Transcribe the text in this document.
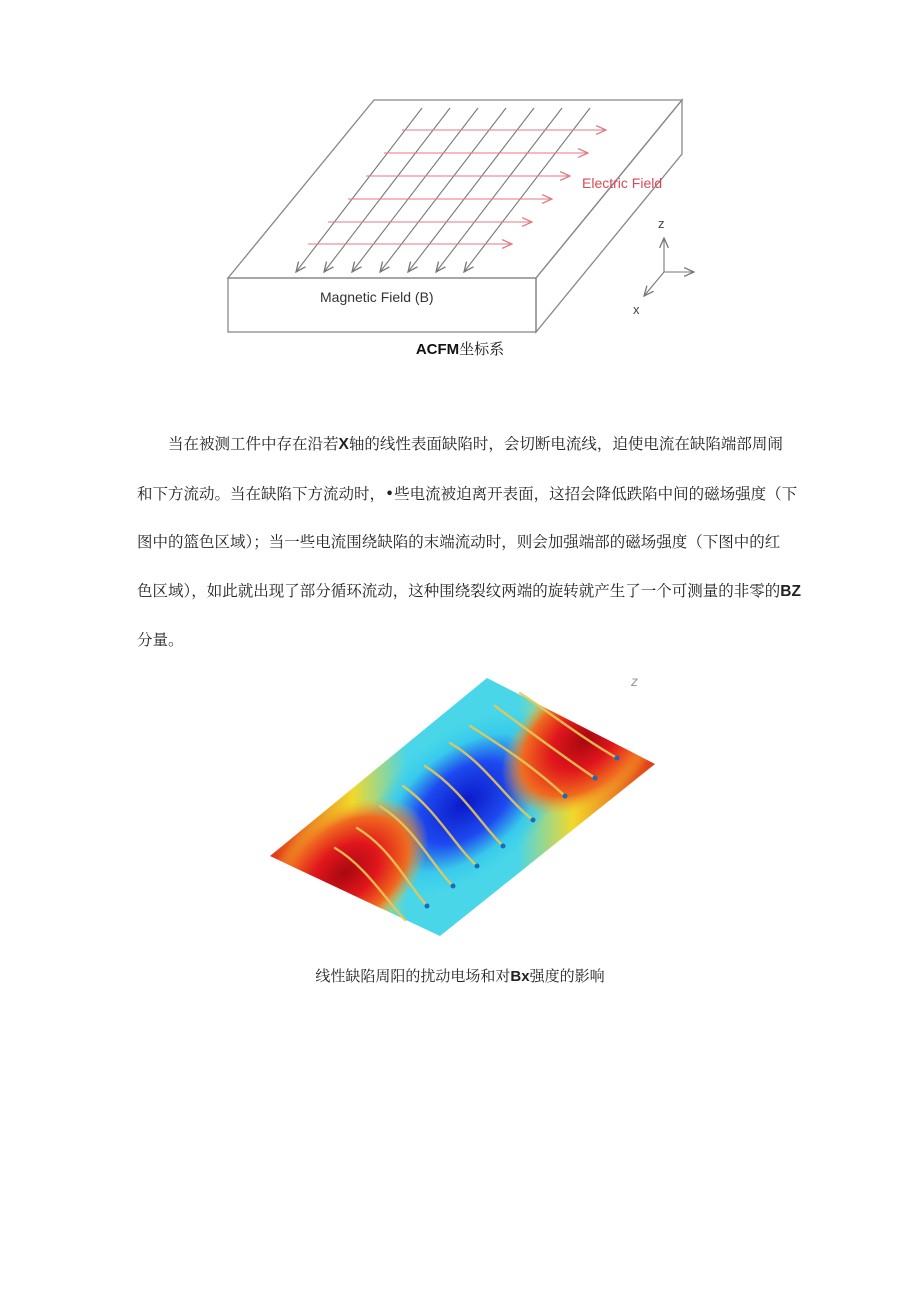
Electric Field
Magnetic Field (B)
z
x
ACFM坐标系
当在被测工件中存在沿若X轴的线性表面缺陷时，会切断电流线，迫使电流在缺陷端部周闹
和下方流动。当在缺陷下方流动时，•些电流被迫离开表面，这招会降低跌陷中间的磁场强度（下
图中的篮色区域）；当一些电流围绕缺陷的末端流动时，则会加强端部的磁场强度（下图中的红
色区域），如此就出现了部分循环流动，这种围绕裂纹两端的旋转就产生了一个可测量的非零的BZ
分量。
z
线性缺陷周阳的扰动电场和对Bx强度的影响
